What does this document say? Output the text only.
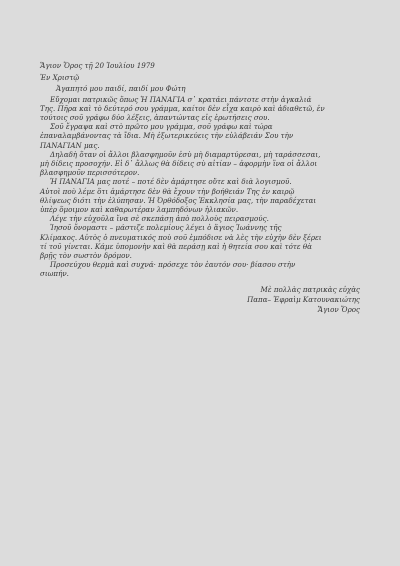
Ἅγιον Ὄρος τῇ 20 Ἰουλίου 1979

Ἐν Χριστῷ

Ἀγαπητό μου παιδί, παιδί μου Φώτη

Εὔχομαι πατρικῶς ὅπως Ἡ ΠΑΝΑΓΙΑ σ᾽ κρατάει πάντοτε στὴν ἀγκαλιά

Της. Πῆρα καὶ τὸ δεύτερό σου γράμμα, καίτοι δὲν εἶχα καιρὸ καὶ ἀδιαθετῶ, ἐν

τούτοις σοῦ γράφω δύο λέξεις, ἀπαντώντας εἰς ἐρωτήσεις σου.

Σοῦ ἔγραψα καὶ στὸ πρῶτο μου γράμμα, σοῦ γράφω καὶ τώρα

ἐπαναλαμβάνοντας τὰ ἴδια. Μὴ ἐξωτερικεύεις τὴν εὐλάβειάν Σου τὴν

ΠΑΝΑΓΙΑΝ μας.

Δηλαδὴ ὅταν οἱ ἄλλοι βλασφημοῦν ἐσὺ μὴ διαμαρτύρεσαι, μὴ ταράσσεσαι,

μὴ δίδεις προσοχήν. Εἰ δ᾽ ἄλλως θὰ δίδεις σὺ αἰτίαν – ἀφορμὴν ἵνα οἱ ἄλλοι

βλασφημοῦν περισσότερον.

Ἡ ΠΑΝΑΓΙΑ μας ποτέ – ποτέ δὲν ἁμάρτησε οὔτε καὶ διὰ λογισμοῦ.

Αὐτοὶ ποὺ λέμε ὅτι ἁμάρτησε δὲν θὰ ἔχουν τὴν βοήθειάν Της ἐν καιρῷ

θλίψεως διότι τὴν ἐλύπησαν. Ἡ Ὀρθόδοξος Ἐκκλησία μας, τὴν παραδέχεται

ὑπὲρ ὅμοιμον καὶ καθαρωτέραν λαμπηδόνων ἡλιακῶν.

Λέγε τὴν εὐχοῦλα ἵνα σὲ σκεπάσῃ ἀπὸ πολλοὺς πειρασμούς.

Ἰησοῦ ὄνομαστι – μάστιζε πολεμίους λέγει ὁ ἅγιος Ἰωάννης τῆς

Κλίμακος. Αὐτὸς ὁ πνευματικός ποὺ σοῦ ἐμπόδισε νὰ λὲς τὴν εὐχὴν δὲν ξέρει

τί τοῦ γίνεται. Κάμε ὑπομονὴν καὶ θὰ περάσῃ καὶ ἡ θητεία σου καὶ τότε θὰ

βρῇς τὸν σωστὸν δρόμον.

Προσεύχου θερμὰ καὶ συχνά· πρόσεχε τὸν ἑαυτόν σου· βίασου στὴν

σιωπήν.

Μὲ πολλὰς πατρικὰς εὐχὰς

Παπα– Ἐφραὶμ Κατουνακιώτης

Ἅγιον Ὄρος
